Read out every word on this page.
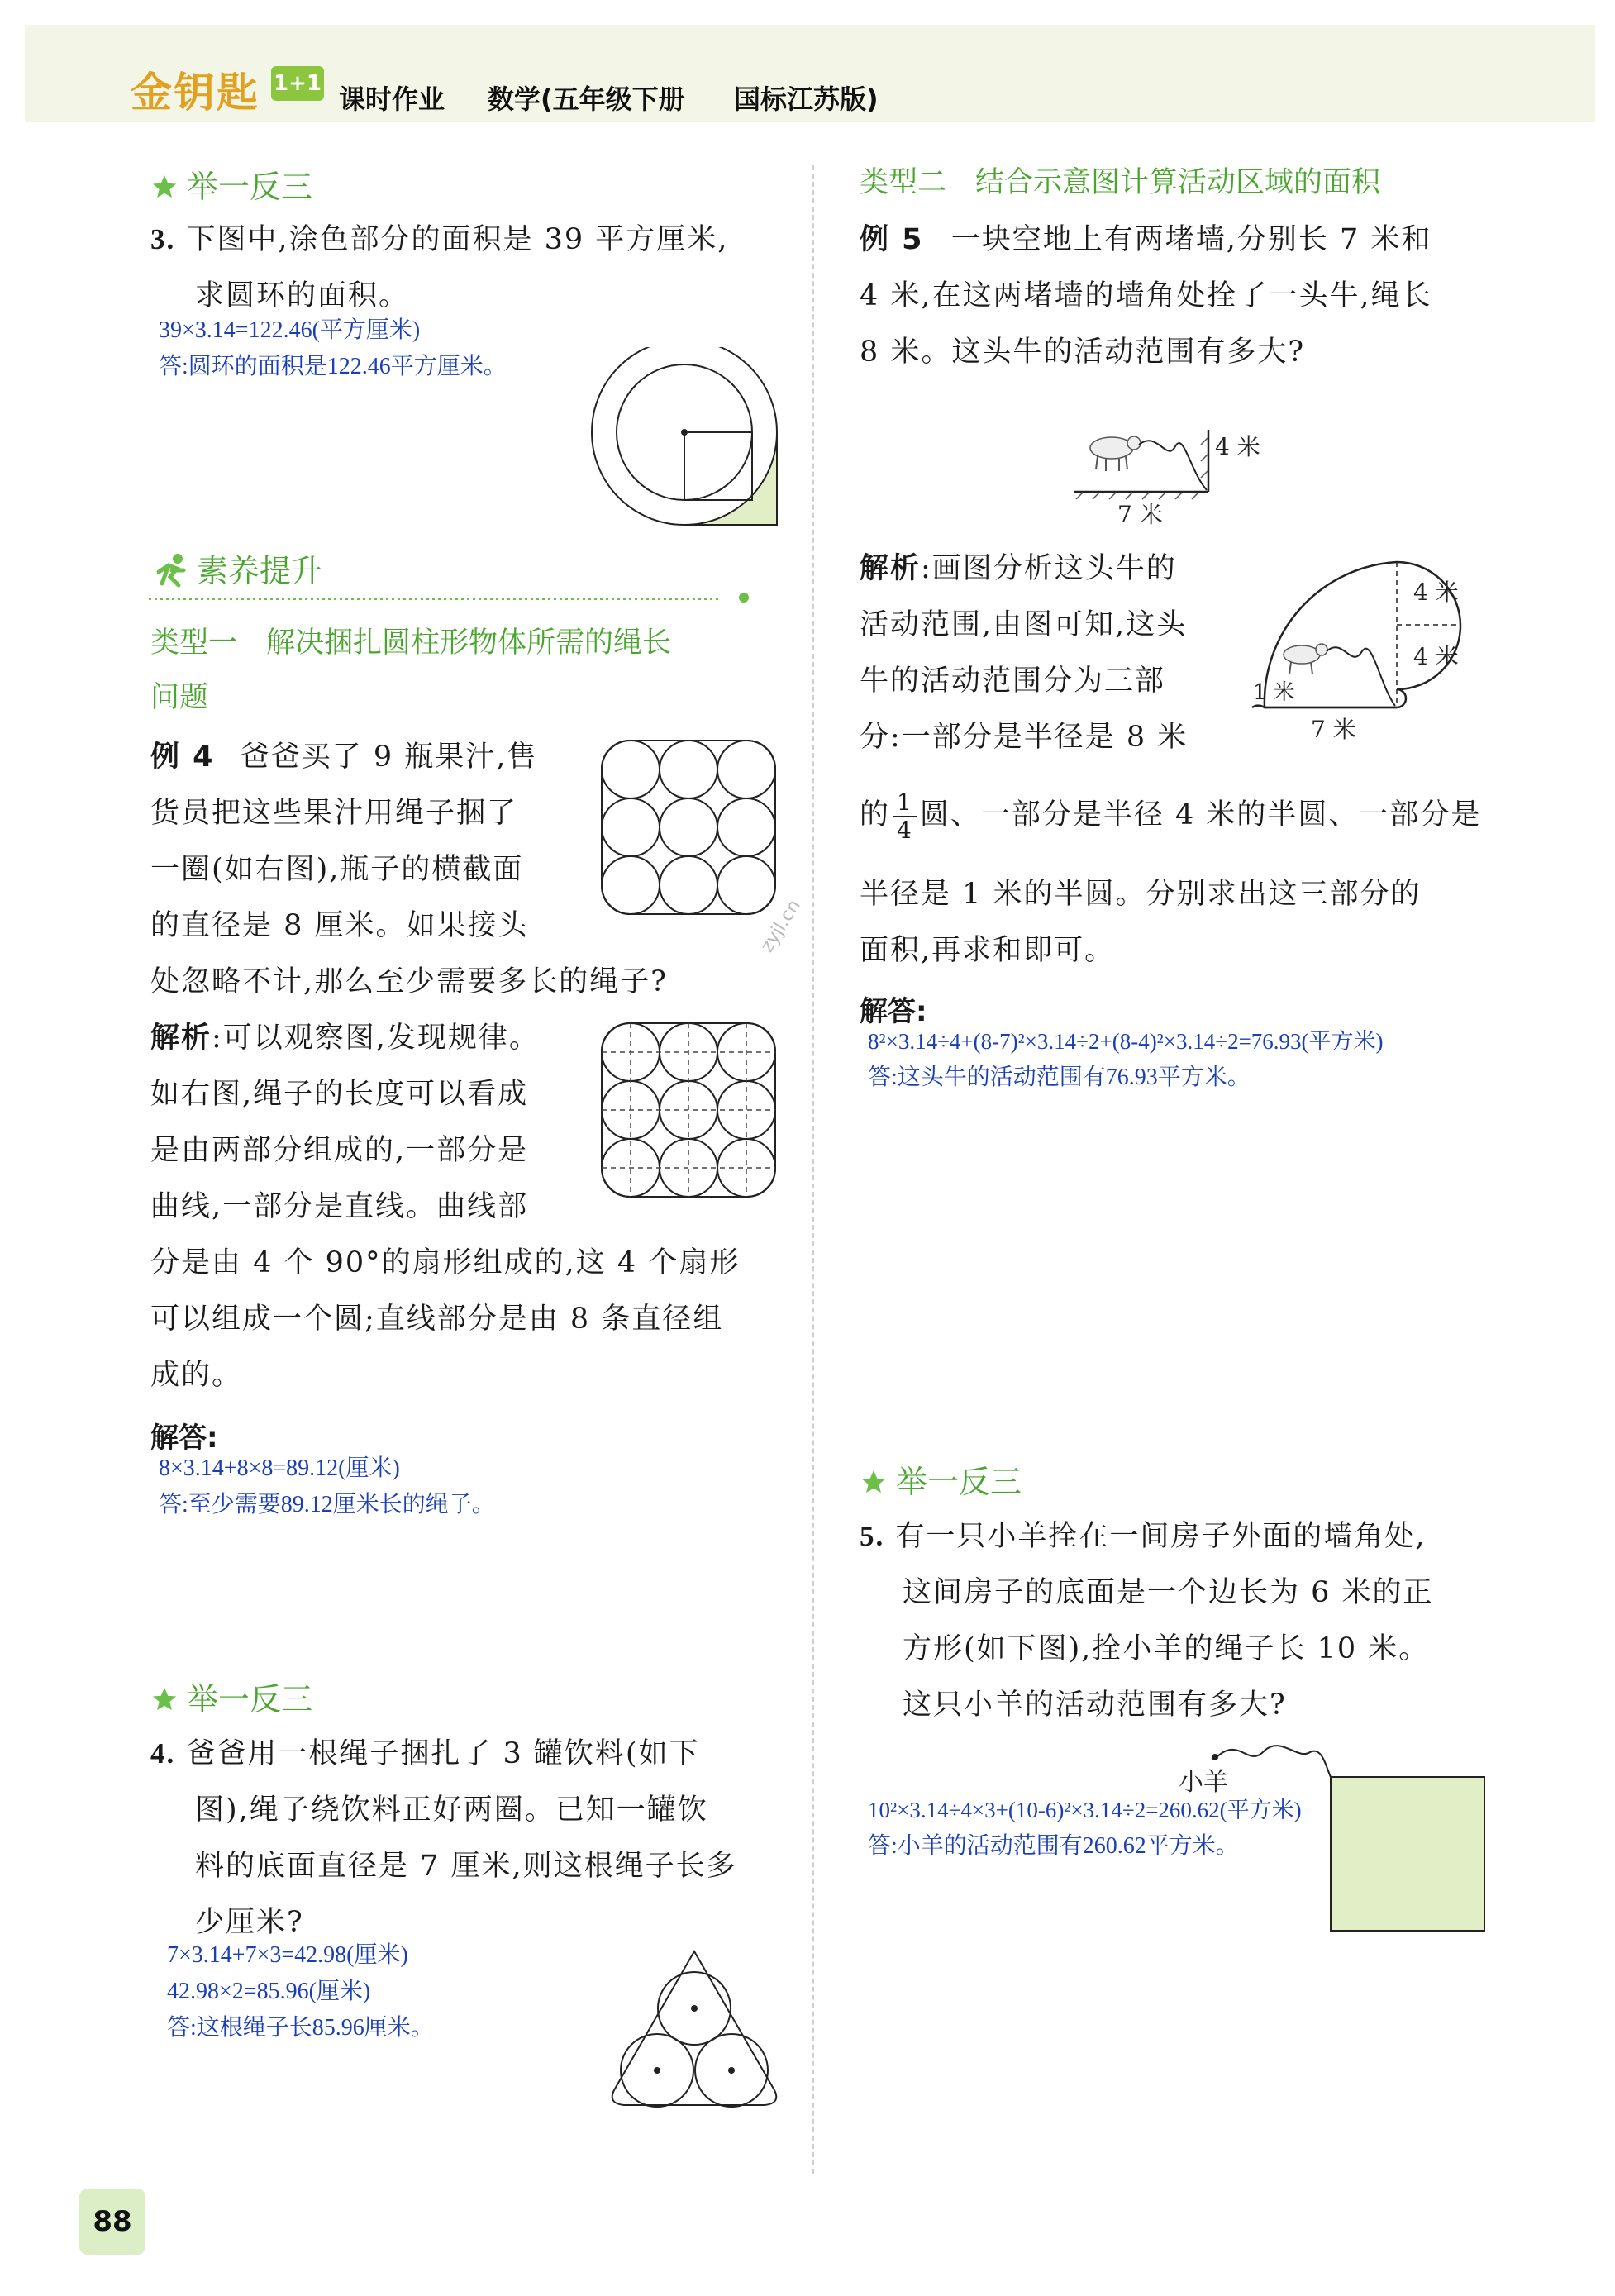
金钥匙 1+1 课时作业 数学(五年级下册 国标江苏版)
举一反三
3. 下图中,涂色部分的面积是 39 平方厘米,
求圆环的面积。
39×3.14=122.46(平方厘米)
答:圆环的面积是122.46平方厘米。
素养提升
类型一　解决捆扎圆柱形物体所需的绳长
问题
例 4 爸爸买了 9 瓶果汁,售
货员把这些果汁用绳子捆了
一圈(如右图),瓶子的横截面
的直径是 8 厘米。如果接头
处忽略不计,那么至少需要多长的绳子?
解析:可以观察图,发现规律。
如右图,绳子的长度可以看成
是由两部分组成的,一部分是
曲线,一部分是直线。曲线部
分是由 4 个 90°的扇形组成的,这 4 个扇形
可以组成一个圆;直线部分是由 8 条直径组
成的。
解答:
8×3.14+8×8=89.12(厘米)
答:至少需要89.12厘米长的绳子。
举一反三
4. 爸爸用一根绳子捆扎了 3 罐饮料(如下
图),绳子绕饮料正好两圈。已知一罐饮
料的底面直径是 7 厘米,则这根绳子长多
少厘米?
7×3.14+7×3=42.98(厘米)
42.98×2=85.96(厘米)
答:这根绳子长85.96厘米。
类型二　结合示意图计算活动区域的面积
例 5 一块空地上有两堵墙,分别长 7 米和
4 米,在这两堵墙的墙角处拴了一头牛,绳长
8 米。这头牛的活动范围有多大?
4 米
7 米
解析:画图分析这头牛的
活动范围,由图可知,这头
牛的活动范围分为三部
分:一部分是半径是 8 米
的 $\frac{1}{4}$ 圆、一部分是半径 4 米的半圆、一部分是
半径是 1 米的半圆。分别求出这三部分的
面积,再求和即可。
4 米
4 米
1 米
7 米
解答:
8²×3.14÷4+(8-7)²×3.14÷2+(8-4)²×3.14÷2=76.93(平方米)
答:这头牛的活动范围有76.93平方米。
举一反三
5. 有一只小羊拴在一间房子外面的墙角处,
这间房子的底面是一个边长为 6 米的正
方形(如下图),拴小羊的绳子长 10 米。
这只小羊的活动范围有多大?
小羊
10²×3.14÷4×3+(10-6)²×3.14÷2=260.62(平方米)
答:小羊的活动范围有260.62平方米。
zyjl.cn
88
